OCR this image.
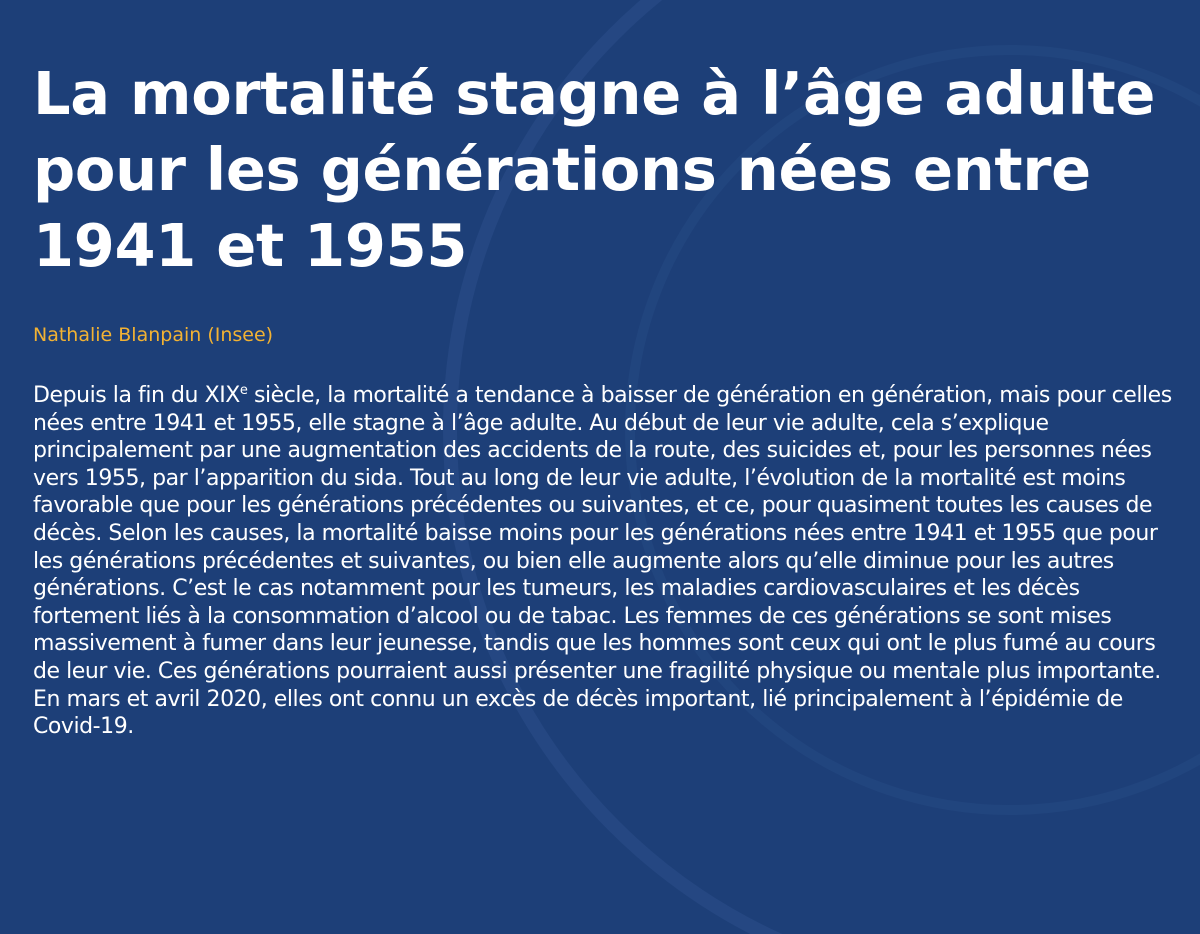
La mortalité stagne à l’âge adulte pour les générations nées entre 1941 et 1955

Nathalie Blanpain (Insee)

Depuis la fin du XIXe siècle, la mortalité a tendance à baisser de génération en génération, mais pour celles nées entre 1941 et 1955, elle stagne à l’âge adulte. Au début de leur vie adulte, cela s’explique principalement par une augmentation des accidents de la route, des suicides et, pour les personnes nées vers 1955, par l’apparition du sida. Tout au long de leur vie adulte, l’évolution de la mortalité est moins favorable que pour les générations précédentes ou suivantes, et ce, pour quasiment toutes les causes de décès. Selon les causes, la mortalité baisse moins pour les générations nées entre 1941 et 1955 que pour les générations précédentes et suivantes, ou bien elle augmente alors qu’elle diminue pour les autres générations. C’est le cas notamment pour les tumeurs, les maladies cardiovasculaires et les décès fortement liés à la consommation d’alcool ou de tabac. Les femmes de ces générations se sont mises massivement à fumer dans leur jeunesse, tandis que les hommes sont ceux qui ont le plus fumé au cours de leur vie. Ces générations pourraient aussi présenter une fragilité physique ou mentale plus importante. En mars et avril 2020, elles ont connu un excès de décès important, lié principalement à l’épidémie de Covid-19.
